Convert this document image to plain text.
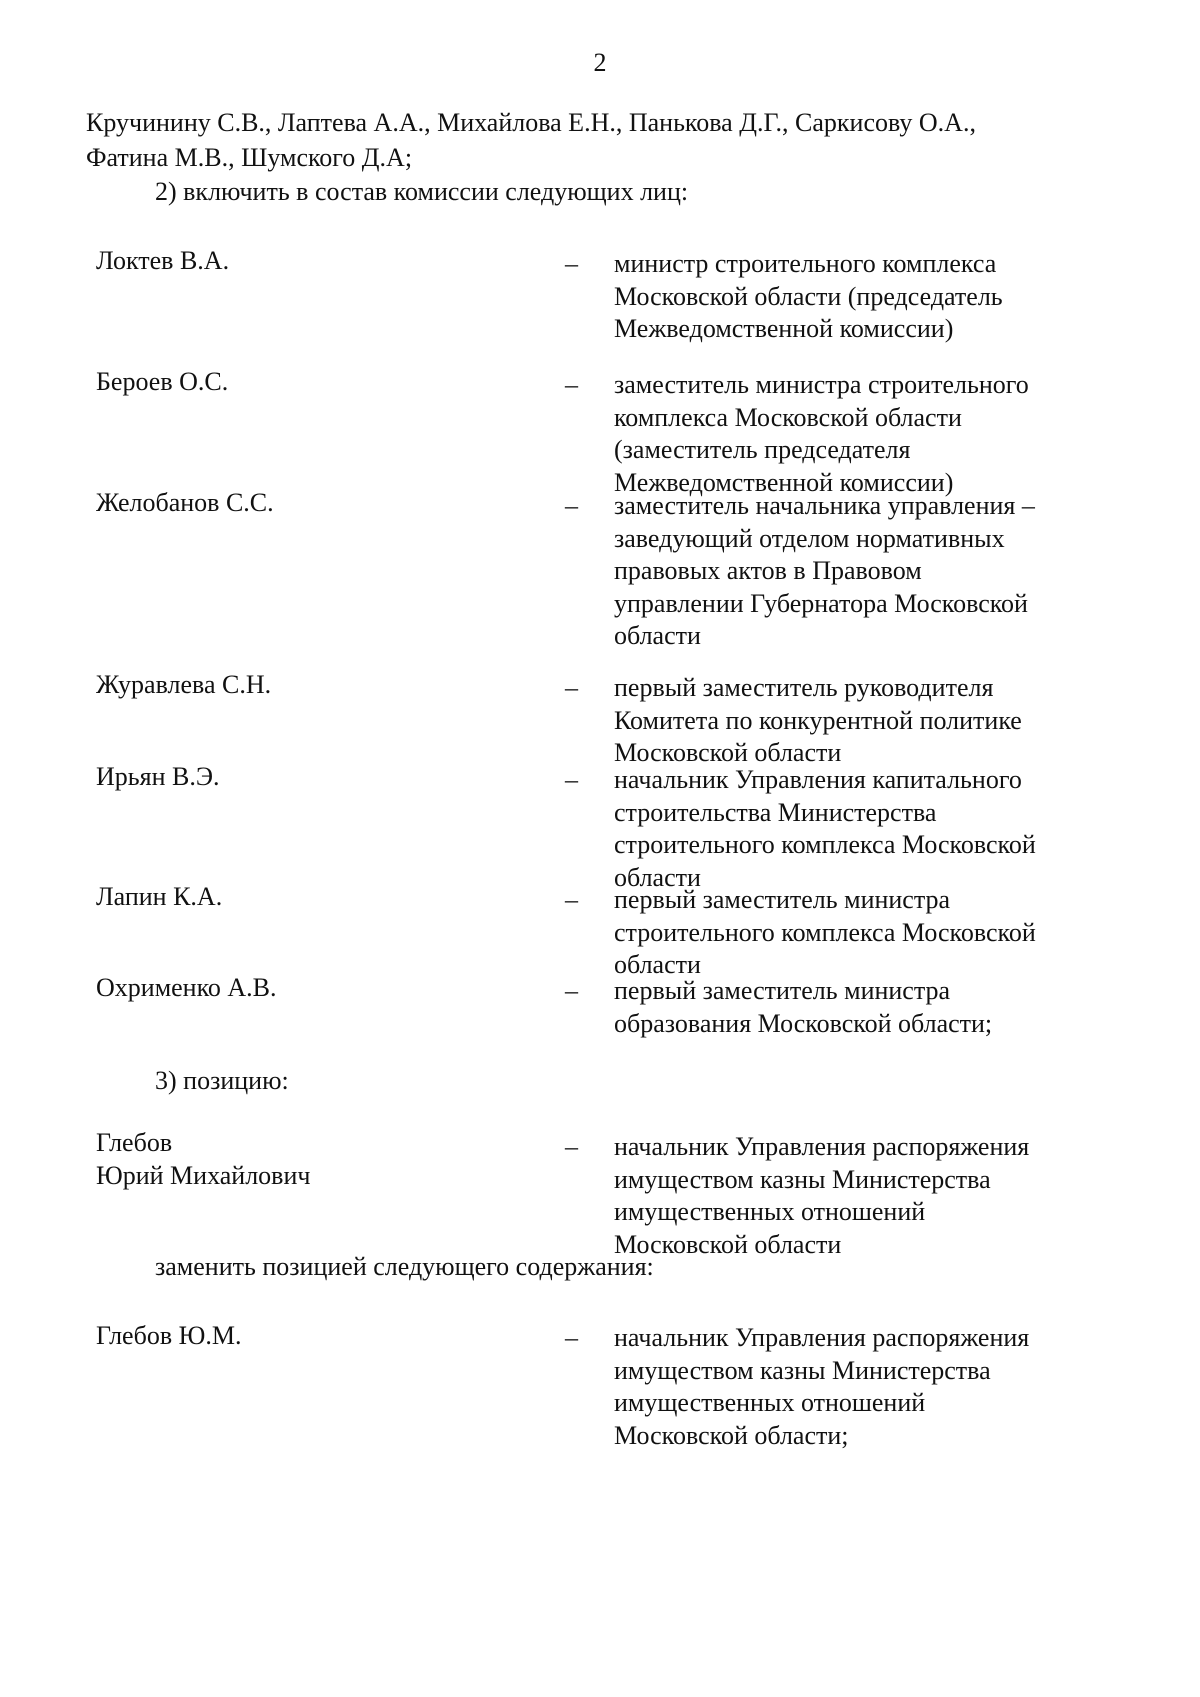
2
Кручинину С.В., Лаптева А.А., Михайлова Е.Н., Панькова Д.Г., Саркисову О.А.,
Фатина М.В., Шумского Д.А;
2) включить в состав комиссии следующих лиц:
Локтев В.А.	– министр строительного комплекса
Московской области (председатель
Межведомственной комиссии)
Бероев О.С.	– заместитель министра строительного
комплекса Московской области
(заместитель председателя
Межведомственной комиссии)
Желобанов С.С.	– заместитель начальника управления –
заведующий отделом нормативных
правовых актов в Правовом
управлении Губернатора Московской
области
Журавлева С.Н.	– первый заместитель руководителя
Комитета по конкурентной политике
Московской области
Ирьян В.Э.	– начальник Управления капитального
строительства Министерства
строительного комплекса Московской
области
Лапин К.А.	– первый заместитель министра
строительного комплекса Московской
области
Охрименко А.В.	– первый заместитель министра
образования Московской области;
3) позицию:
Глебов
Юрий Михайлович
– начальник Управления распоряжения
имуществом казны Министерства
имущественных отношений
Московской области
заменить позицией следующего содержания:
Глебов Ю.М.	– начальник Управления распоряжения
имуществом казны Министерства
имущественных отношений
Московской области;
